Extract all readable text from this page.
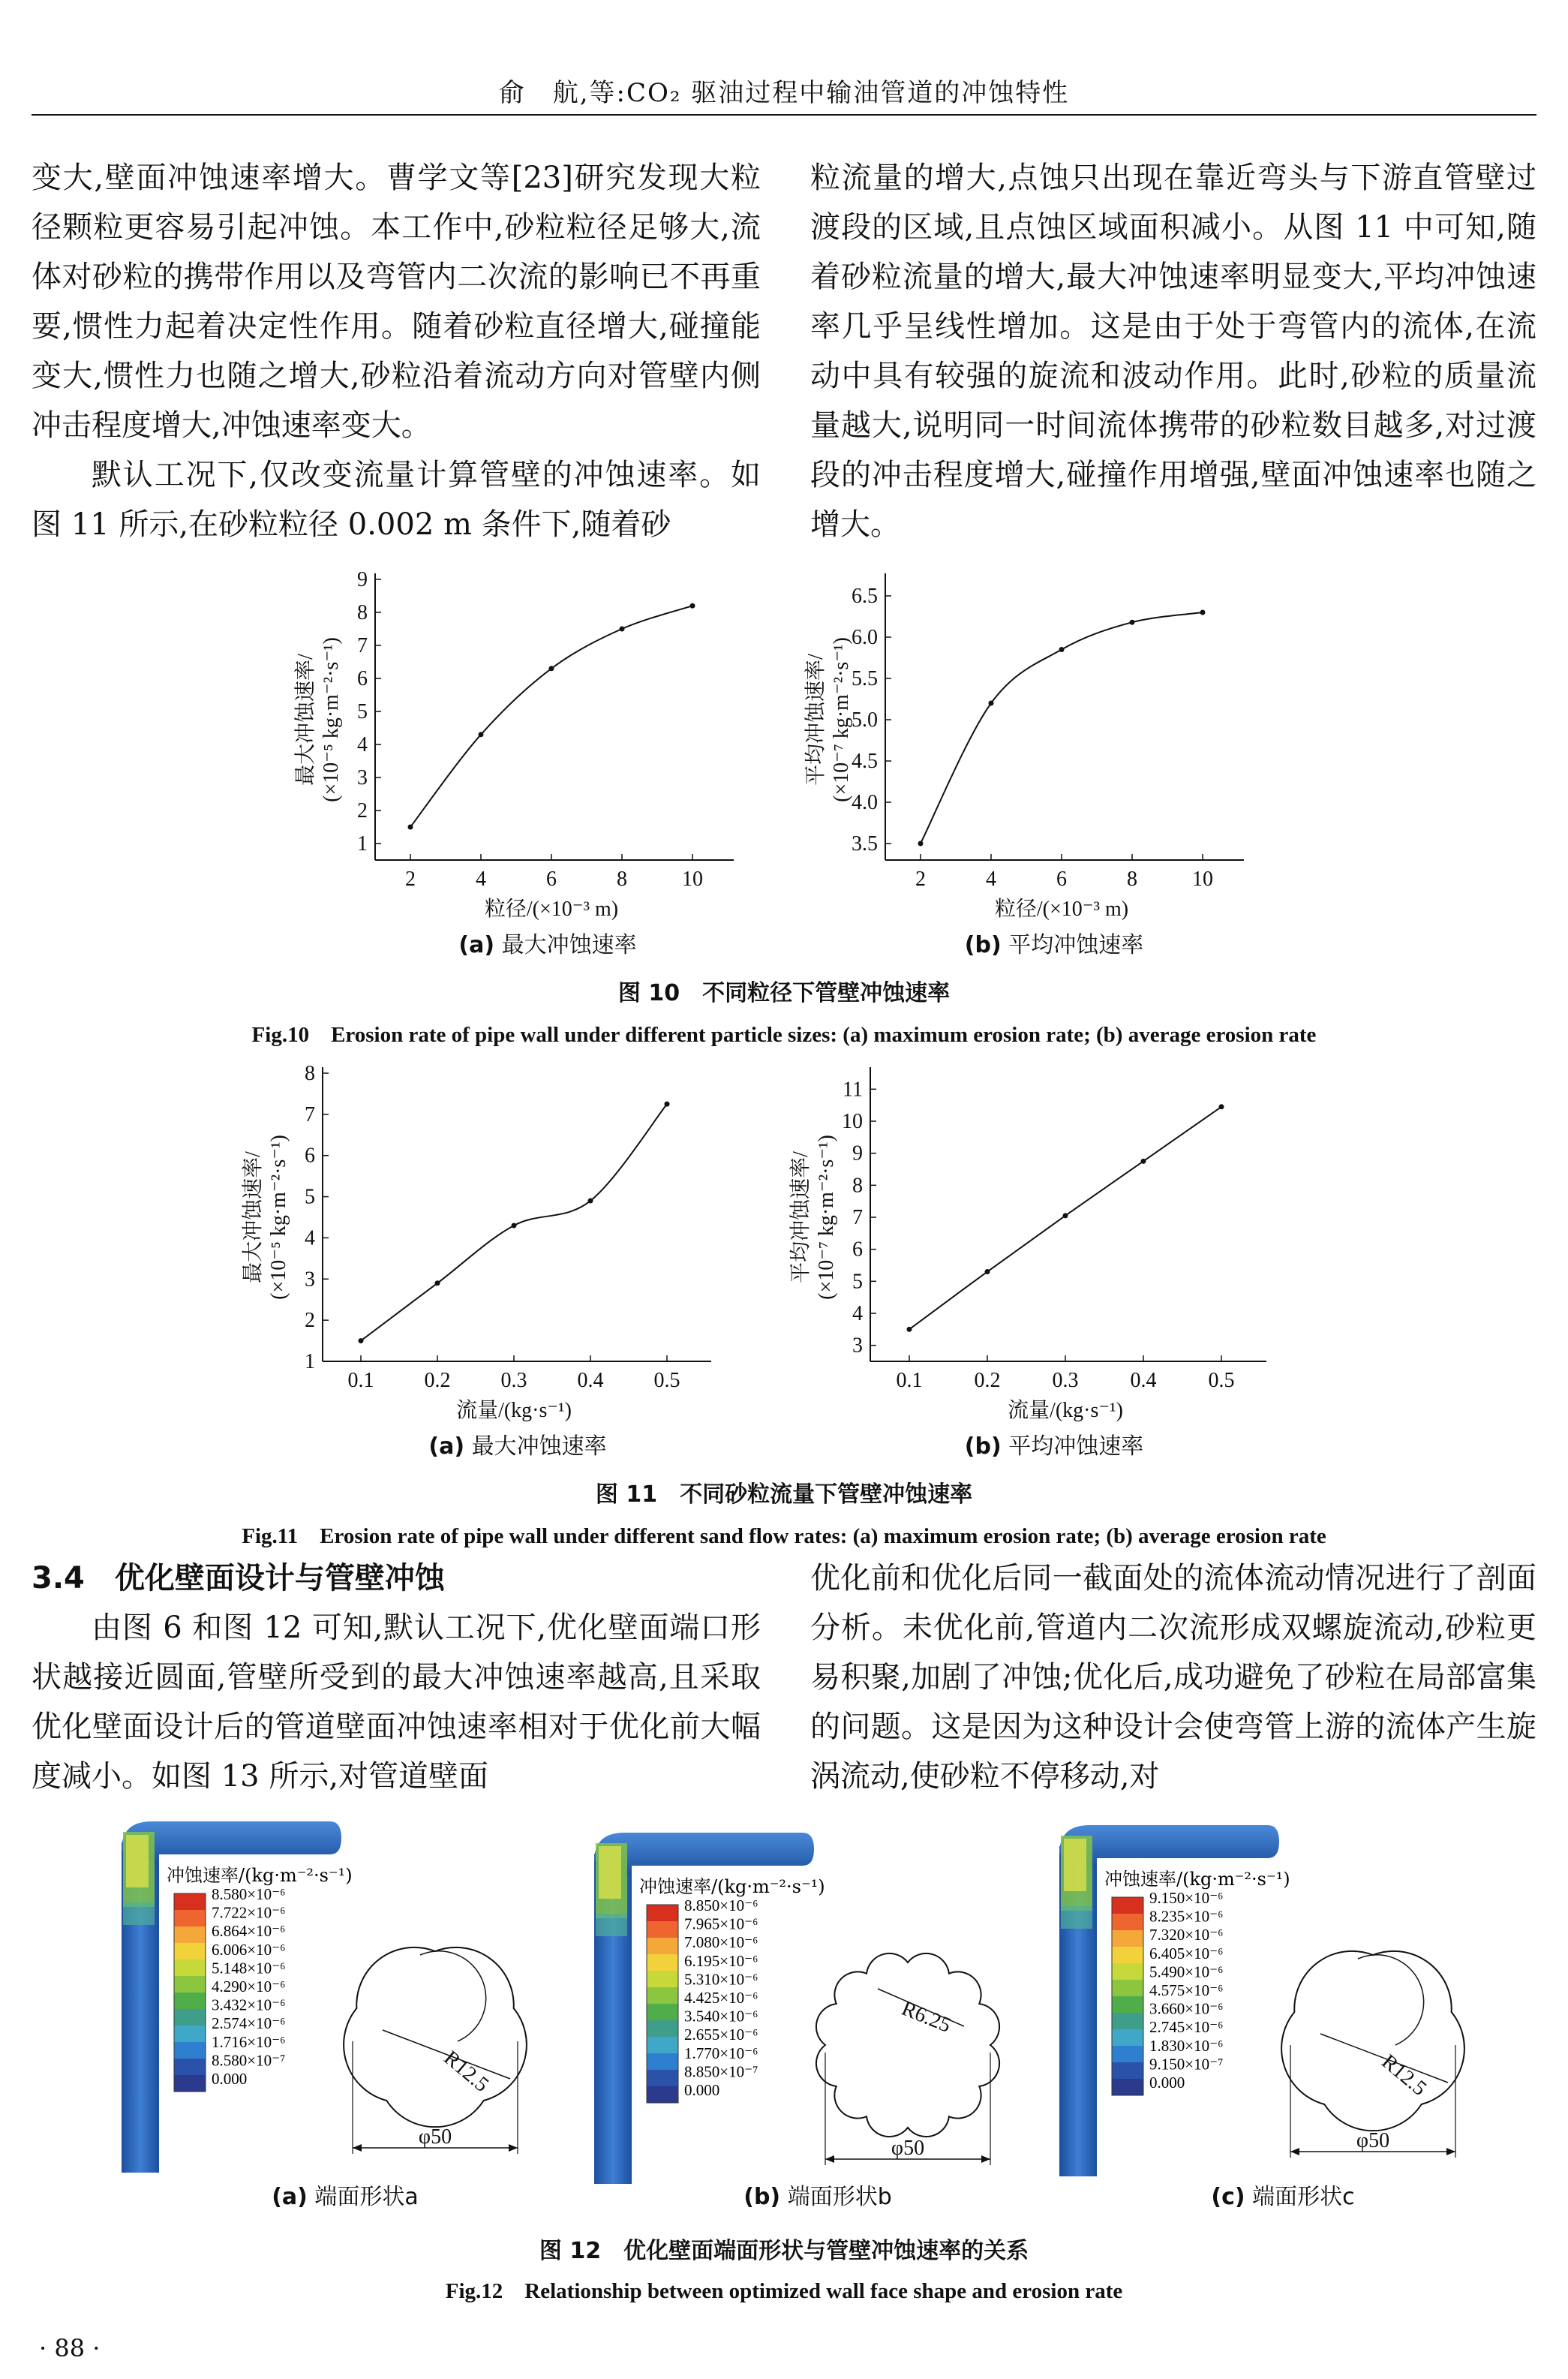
俞　航,等:CO₂ 驱油过程中输油管道的冲蚀特性

变大,壁面冲蚀速率增大。曹学文等[23]研究发现大粒径颗粒更容易引起冲蚀。本工作中,砂粒粒径足够大,流体对砂粒的携带作用以及弯管内二次流的影响已不再重要,惯性力起着决定性作用。随着砂粒直径增大,碰撞能变大,惯性力也随之增大,砂粒沿着流动方向对管壁内侧冲击程度增大,冲蚀速率变大。

默认工况下,仅改变流量计算管壁的冲蚀速率。如图 11 所示,在砂粒粒径 0.002 m 条件下,随着砂

粒流量的增大,点蚀只出现在靠近弯头与下游直管壁过渡段的区域,且点蚀区域面积减小。从图 11 中可知,随着砂粒流量的增大,最大冲蚀速率明显变大,平均冲蚀速率几乎呈线性增加。这是由于处于弯管内的流体,在流动中具有较强的旋流和波动作用。此时,砂粒的质量流量越大,说明同一时间流体携带的砂粒数目越多,对过渡段的冲击程度增大,碰撞作用增强,壁面冲蚀速率也随之增大。

1
2
3
4
5
6
7
8
9
2	4	6	8	10
粒径/(×10⁻³ m)
最大冲蚀速率/ (×10⁻⁵ kg·m⁻²·s⁻¹)
3.5
4.0
4.5
5.0
5.5
6.0
6.5
2	4	6	8	10
粒径/(×10⁻³ m)
平均冲蚀速率/ (×10⁻⁷ kg·m⁻²·s⁻¹)
(a) 最大冲蚀速率	(b) 平均冲蚀速率
图 10　不同粒径下管壁冲蚀速率
Fig.10　Erosion rate of pipe wall under different particle sizes: (a) maximum erosion rate; (b) average erosion rate
1
2
3
4
5
6
7
8
0.1 0.2 0.3 0.4 0.5
流量/(kg·s⁻¹)
最大冲蚀速率/ (×10⁻⁵ kg·m⁻²·s⁻¹)
3
4
5
6
7
8
9
10
11
0.1 0.2 0.3 0.4 0.5
流量/(kg·s⁻¹)
平均冲蚀速率/ (×10⁻⁷ kg·m⁻²·s⁻¹)
(a) 最大冲蚀速率	(b) 平均冲蚀速率
图 11　不同砂粒流量下管壁冲蚀速率
Fig.11　Erosion rate of pipe wall under different sand flow rates: (a) maximum erosion rate; (b) average erosion rate

3.4　优化壁面设计与管壁冲蚀

由图 6 和图 12 可知,默认工况下,优化壁面端口形状越接近圆面,管壁所受到的最大冲蚀速率越高,且采取优化壁面设计后的管道壁面冲蚀速率相对于优化前大幅度减小。如图 13 所示,对管道壁面

优化前和优化后同一截面处的流体流动情况进行了剖面分析。未优化前,管道内二次流形成双螺旋流动,砂粒更易积聚,加剧了冲蚀;优化后,成功避免了砂粒在局部富集的问题。这是因为这种设计会使弯管上游的流体产生旋涡流动,使砂粒不停移动,对

冲蚀速率/(kg·m⁻²·s⁻¹)
8.580×10⁻⁶
7.722×10⁻⁶
6.864×10⁻⁶
6.006×10⁻⁶
5.148×10⁻⁶
4.290×10⁻⁶
3.432×10⁻⁶
2.574×10⁻⁶
1.716×10⁻⁶
8.580×10⁻⁷
0.000	R12.5
φ50
(a) 端面形状a
冲蚀速率/(kg·m⁻²·s⁻¹)
8.850×10⁻⁶
7.965×10⁻⁶
7.080×10⁻⁶
6.195×10⁻⁶
5.310×10⁻⁶
4.425×10⁻⁶
3.540×10⁻⁶
2.655×10⁻⁶
1.770×10⁻⁶
8.850×10⁻⁷
0.000
R6.25
φ50
(b) 端面形状b
冲蚀速率/(kg·m⁻²·s⁻¹)
9.150×10⁻⁶
8.235×10⁻⁶
7.320×10⁻⁶
6.405×10⁻⁶
5.490×10⁻⁶
4.575×10⁻⁶
3.660×10⁻⁶
2.745×10⁻⁶
1.830×10⁻⁶
9.150×10⁻⁷
0.000	R12.5
φ50
(c) 端面形状c
图 12　优化壁面端面形状与管壁冲蚀速率的关系
Fig.12　Relationship between optimized wall face shape and erosion rate
· 88 ·
